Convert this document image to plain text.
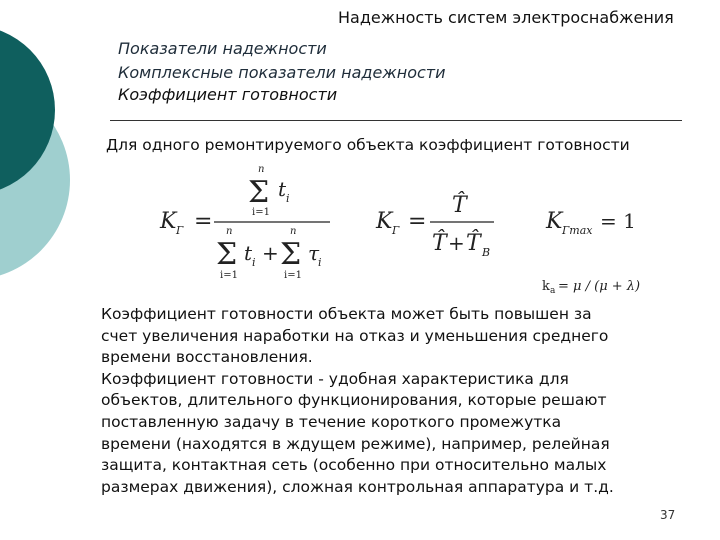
Надежность систем электроснабжения
Показатели надежности
Комплексные показатели надежности
Коэффициент готовности
Для одного ремонтируемого объекта коэффициент готовности
K Г =
n
Σ
i=1
t i
n
Σ
i=1
t i +
n
Σ
i=1
τ
i
K Г =
T̂
T̂ + T̂ B
K Гmax = 1
k a = μ / (μ + λ)

Коэффициент готовности объекта может быть повышен за
счет увеличения наработки на отказ и уменьшения среднего
времени восстановления.

Коэффициент готовности - удобная характеристика для
объектов, длительного функционирования, которые решают
поставленную задачу в течение короткого промежутка
времени (находятся в ждущем режиме), например, релейная
защита, контактная сеть (особенно при относительно малых
размерах движения), сложная контрольная аппаратура и т.д.

37
